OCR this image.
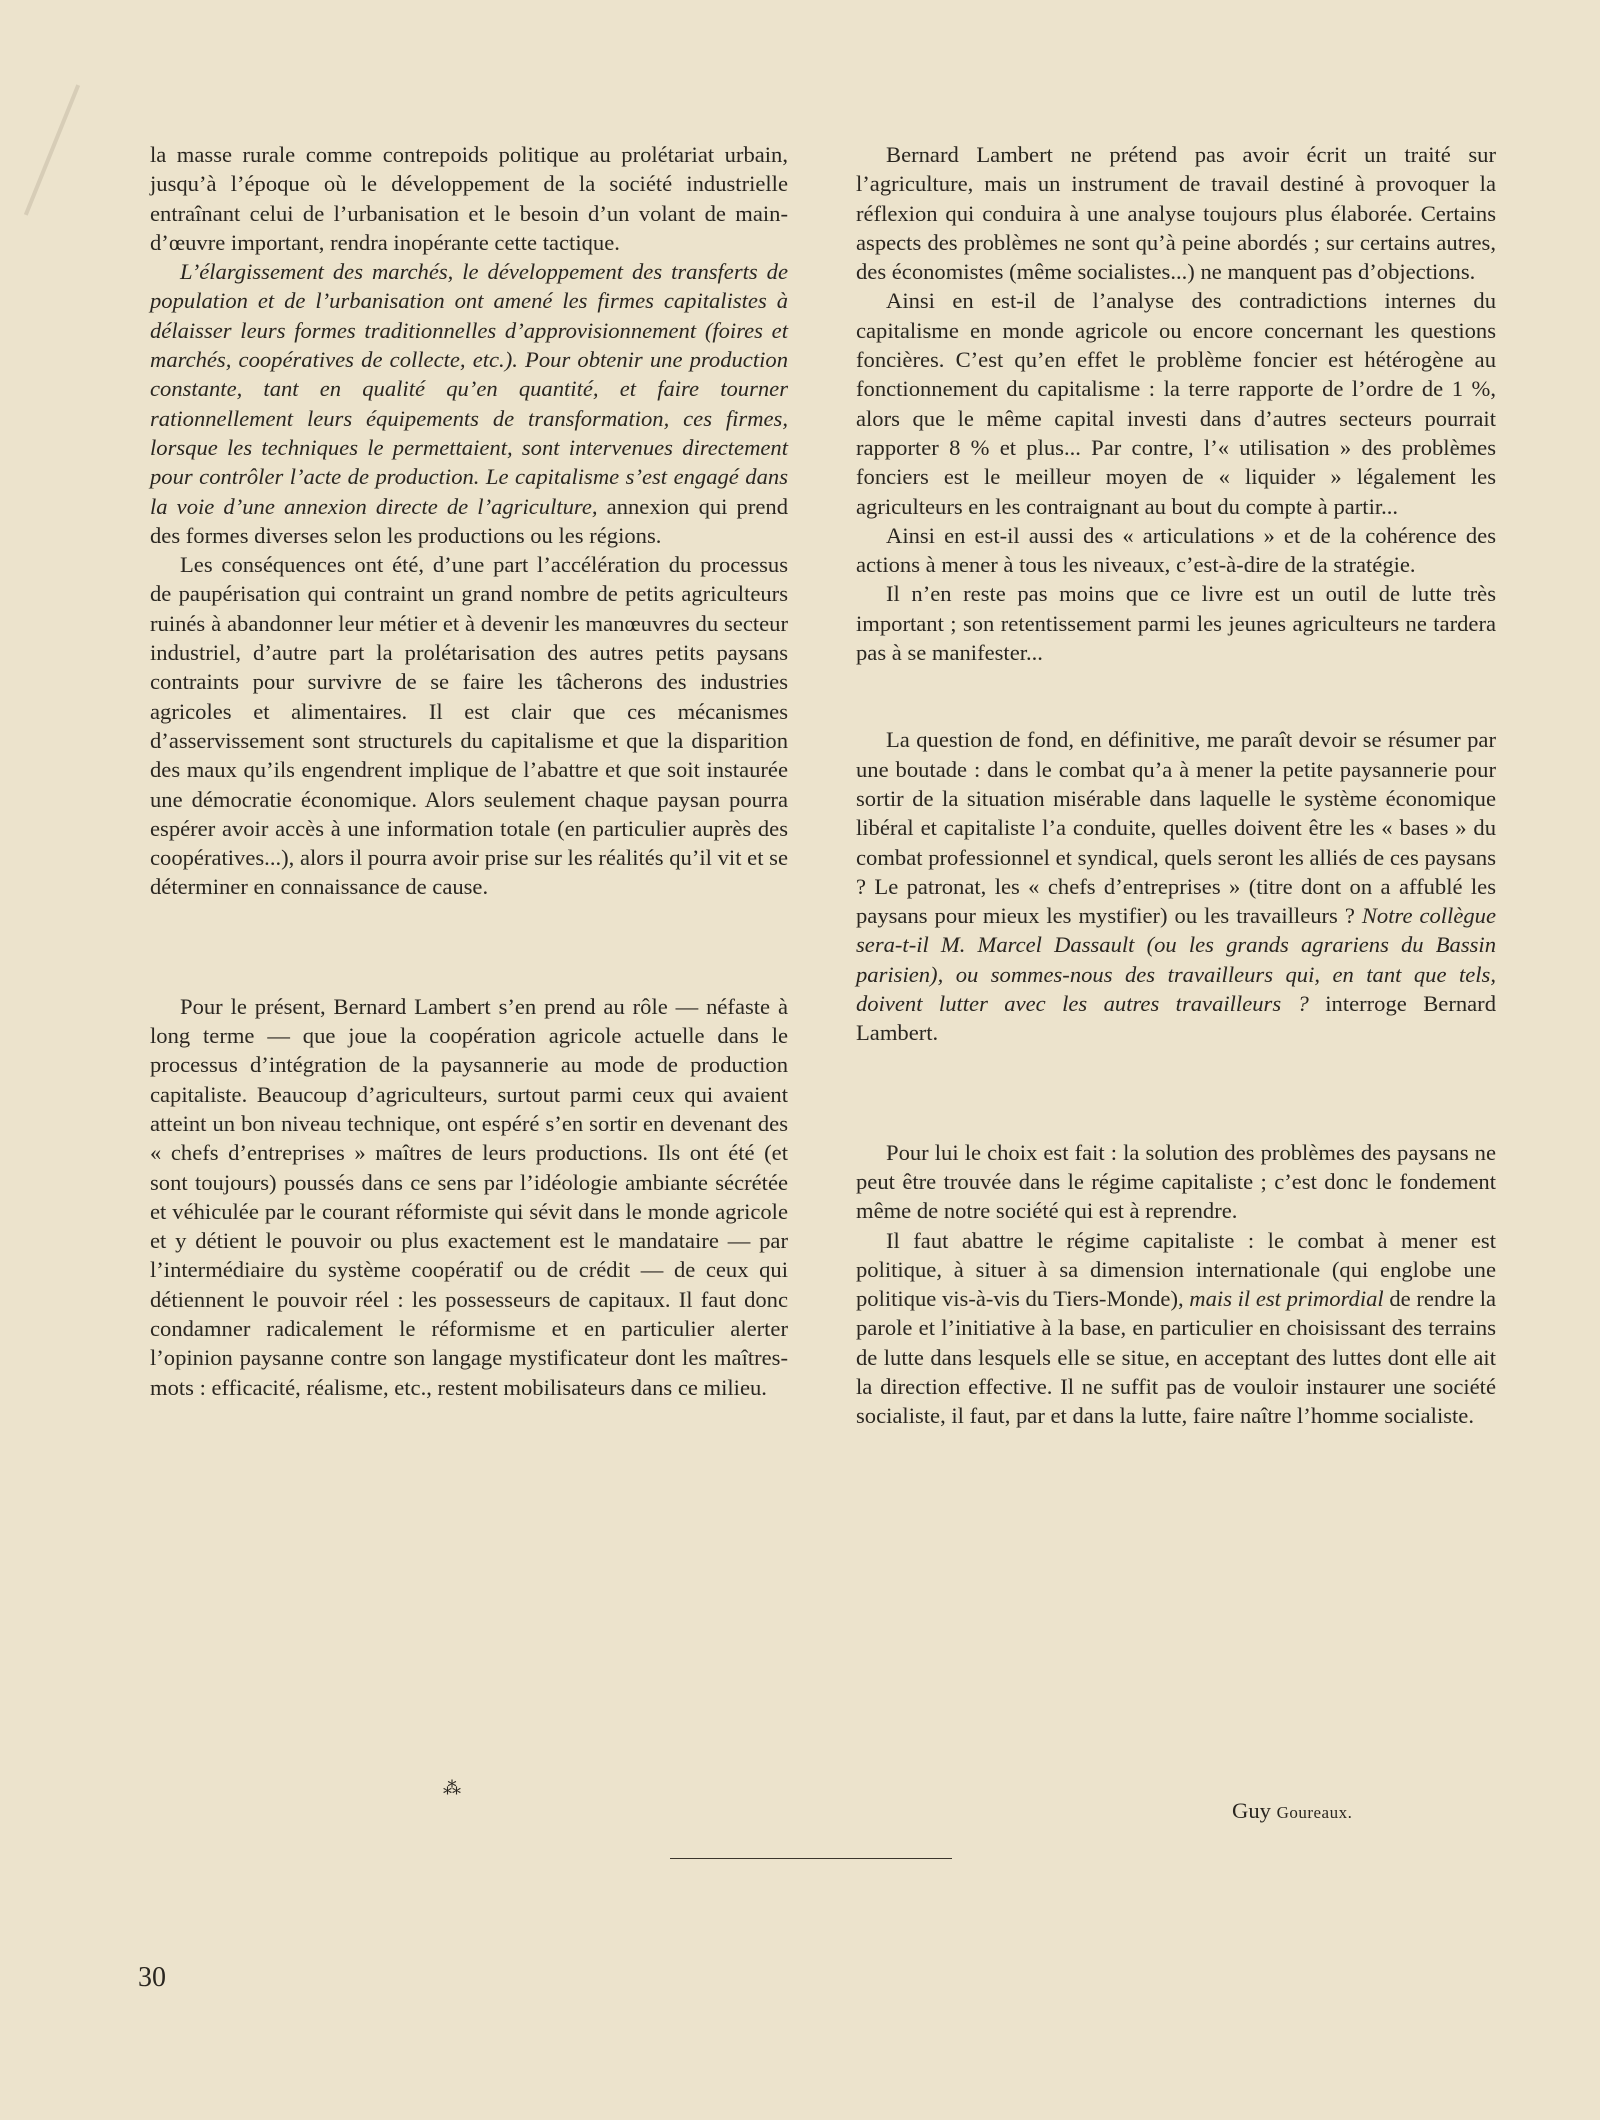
la masse rurale comme contrepoids politique au prolétariat urbain, jusqu’à l’époque où le développement de la société industrielle entraînant celui de l’urbanisation et le besoin d’un volant de main-d’œuvre important, rendra inopérante cette tactique.

L’élargissement des marchés, le développement des transferts de population et de l’urbanisation ont amené les firmes capitalistes à délaisser leurs formes traditionnelles d’approvisionnement (foires et marchés, coopératives de collecte, etc.). Pour obtenir une production constante, tant en qualité qu’en quantité, et faire tourner rationnellement leurs équipements de transformation, ces firmes, lorsque les techniques le permettaient, sont intervenues directement pour contrôler l’acte de production. Le capitalisme s’est engagé dans la voie d’une annexion directe de l’agriculture, annexion qui prend des formes diverses selon les productions ou les régions.

Les conséquences ont été, d’une part l’accélération du processus de paupérisation qui contraint un grand nombre de petits agriculteurs ruinés à abandonner leur métier et à devenir les manœuvres du secteur industriel, d’autre part la prolétarisation des autres petits paysans contraints pour survivre de se faire les tâcherons des industries agricoles et alimentaires. Il est clair que ces mécanismes d’asservissement sont structurels du capitalisme et que la disparition des maux qu’ils engendrent implique de l’abattre et que soit instaurée une démocratie économique. Alors seulement chaque paysan pourra espérer avoir accès à une information totale (en particulier auprès des coopératives...), alors il pourra avoir prise sur les réalités qu’il vit et se déterminer en connaissance de cause.

Pour le présent, Bernard Lambert s’en prend au rôle — néfaste à long terme — que joue la coopération agricole actuelle dans le processus d’intégration de la paysannerie au mode de production capitaliste. Beaucoup d’agriculteurs, surtout parmi ceux qui avaient atteint un bon niveau technique, ont espéré s’en sortir en devenant des « chefs d’entreprises » maîtres de leurs productions. Ils ont été (et sont toujours) poussés dans ce sens par l’idéologie ambiante sécrétée et véhiculée par le courant réformiste qui sévit dans le monde agricole et y détient le pouvoir ou plus exactement est le mandataire — par l’intermédiaire du système coopératif ou de crédit — de ceux qui détiennent le pouvoir réel : les possesseurs de capitaux. Il faut donc condamner radicalement le réformisme et en particulier alerter l’opinion paysanne contre son langage mystificateur dont les maîtres-mots : efficacité, réalisme, etc., restent mobilisateurs dans ce milieu.

Bernard Lambert ne prétend pas avoir écrit un traité sur l’agriculture, mais un instrument de travail destiné à provoquer la réflexion qui conduira à une analyse toujours plus élaborée. Certains aspects des problèmes ne sont qu’à peine abordés ; sur certains autres, des économistes (même socialistes...) ne manquent pas d’objections.

Ainsi en est-il de l’analyse des contradictions internes du capitalisme en monde agricole ou encore concernant les questions foncières. C’est qu’en effet le problème foncier est hétérogène au fonctionnement du capitalisme : la terre rapporte de l’ordre de 1 %, alors que le même capital investi dans d’autres secteurs pourrait rapporter 8 % et plus... Par contre, l’« utilisation » des problèmes fonciers est le meilleur moyen de « liquider » légalement les agriculteurs en les contraignant au bout du compte à partir...

Ainsi en est-il aussi des « articulations » et de la cohérence des actions à mener à tous les niveaux, c’est-à-dire de la stratégie.

Il n’en reste pas moins que ce livre est un outil de lutte très important ; son retentissement parmi les jeunes agriculteurs ne tardera pas à se manifester...

La question de fond, en définitive, me paraît devoir se résumer par une boutade : dans le combat qu’a à mener la petite paysannerie pour sortir de la situation misérable dans laquelle le système économique libéral et capitaliste l’a conduite, quelles doivent être les « bases » du combat professionnel et syndical, quels seront les alliés de ces paysans ? Le patronat, les « chefs d’entreprises » (titre dont on a affublé les paysans pour mieux les mystifier) ou les travailleurs ? Notre collègue sera-t-il M. Marcel Dassault (ou les grands agrariens du Bassin parisien), ou sommes-nous des travailleurs qui, en tant que tels, doivent lutter avec les autres travailleurs ? interroge Bernard Lambert.

Pour lui le choix est fait : la solution des problèmes des paysans ne peut être trouvée dans le régime capitaliste ; c’est donc le fondement même de notre société qui est à reprendre.

Il faut abattre le régime capitaliste : le combat à mener est politique, à situer à sa dimension internationale (qui englobe une politique vis-à-vis du Tiers-Monde), mais il est primordial de rendre la parole et l’initiative à la base, en particulier en choisissant des terrains de lutte dans lesquels elle se situe, en acceptant des luttes dont elle ait la direction effective. Il ne suffit pas de vouloir instaurer une société socialiste, il faut, par et dans la lutte, faire naître l’homme socialiste.

⁂
Guy Goureaux.
30
